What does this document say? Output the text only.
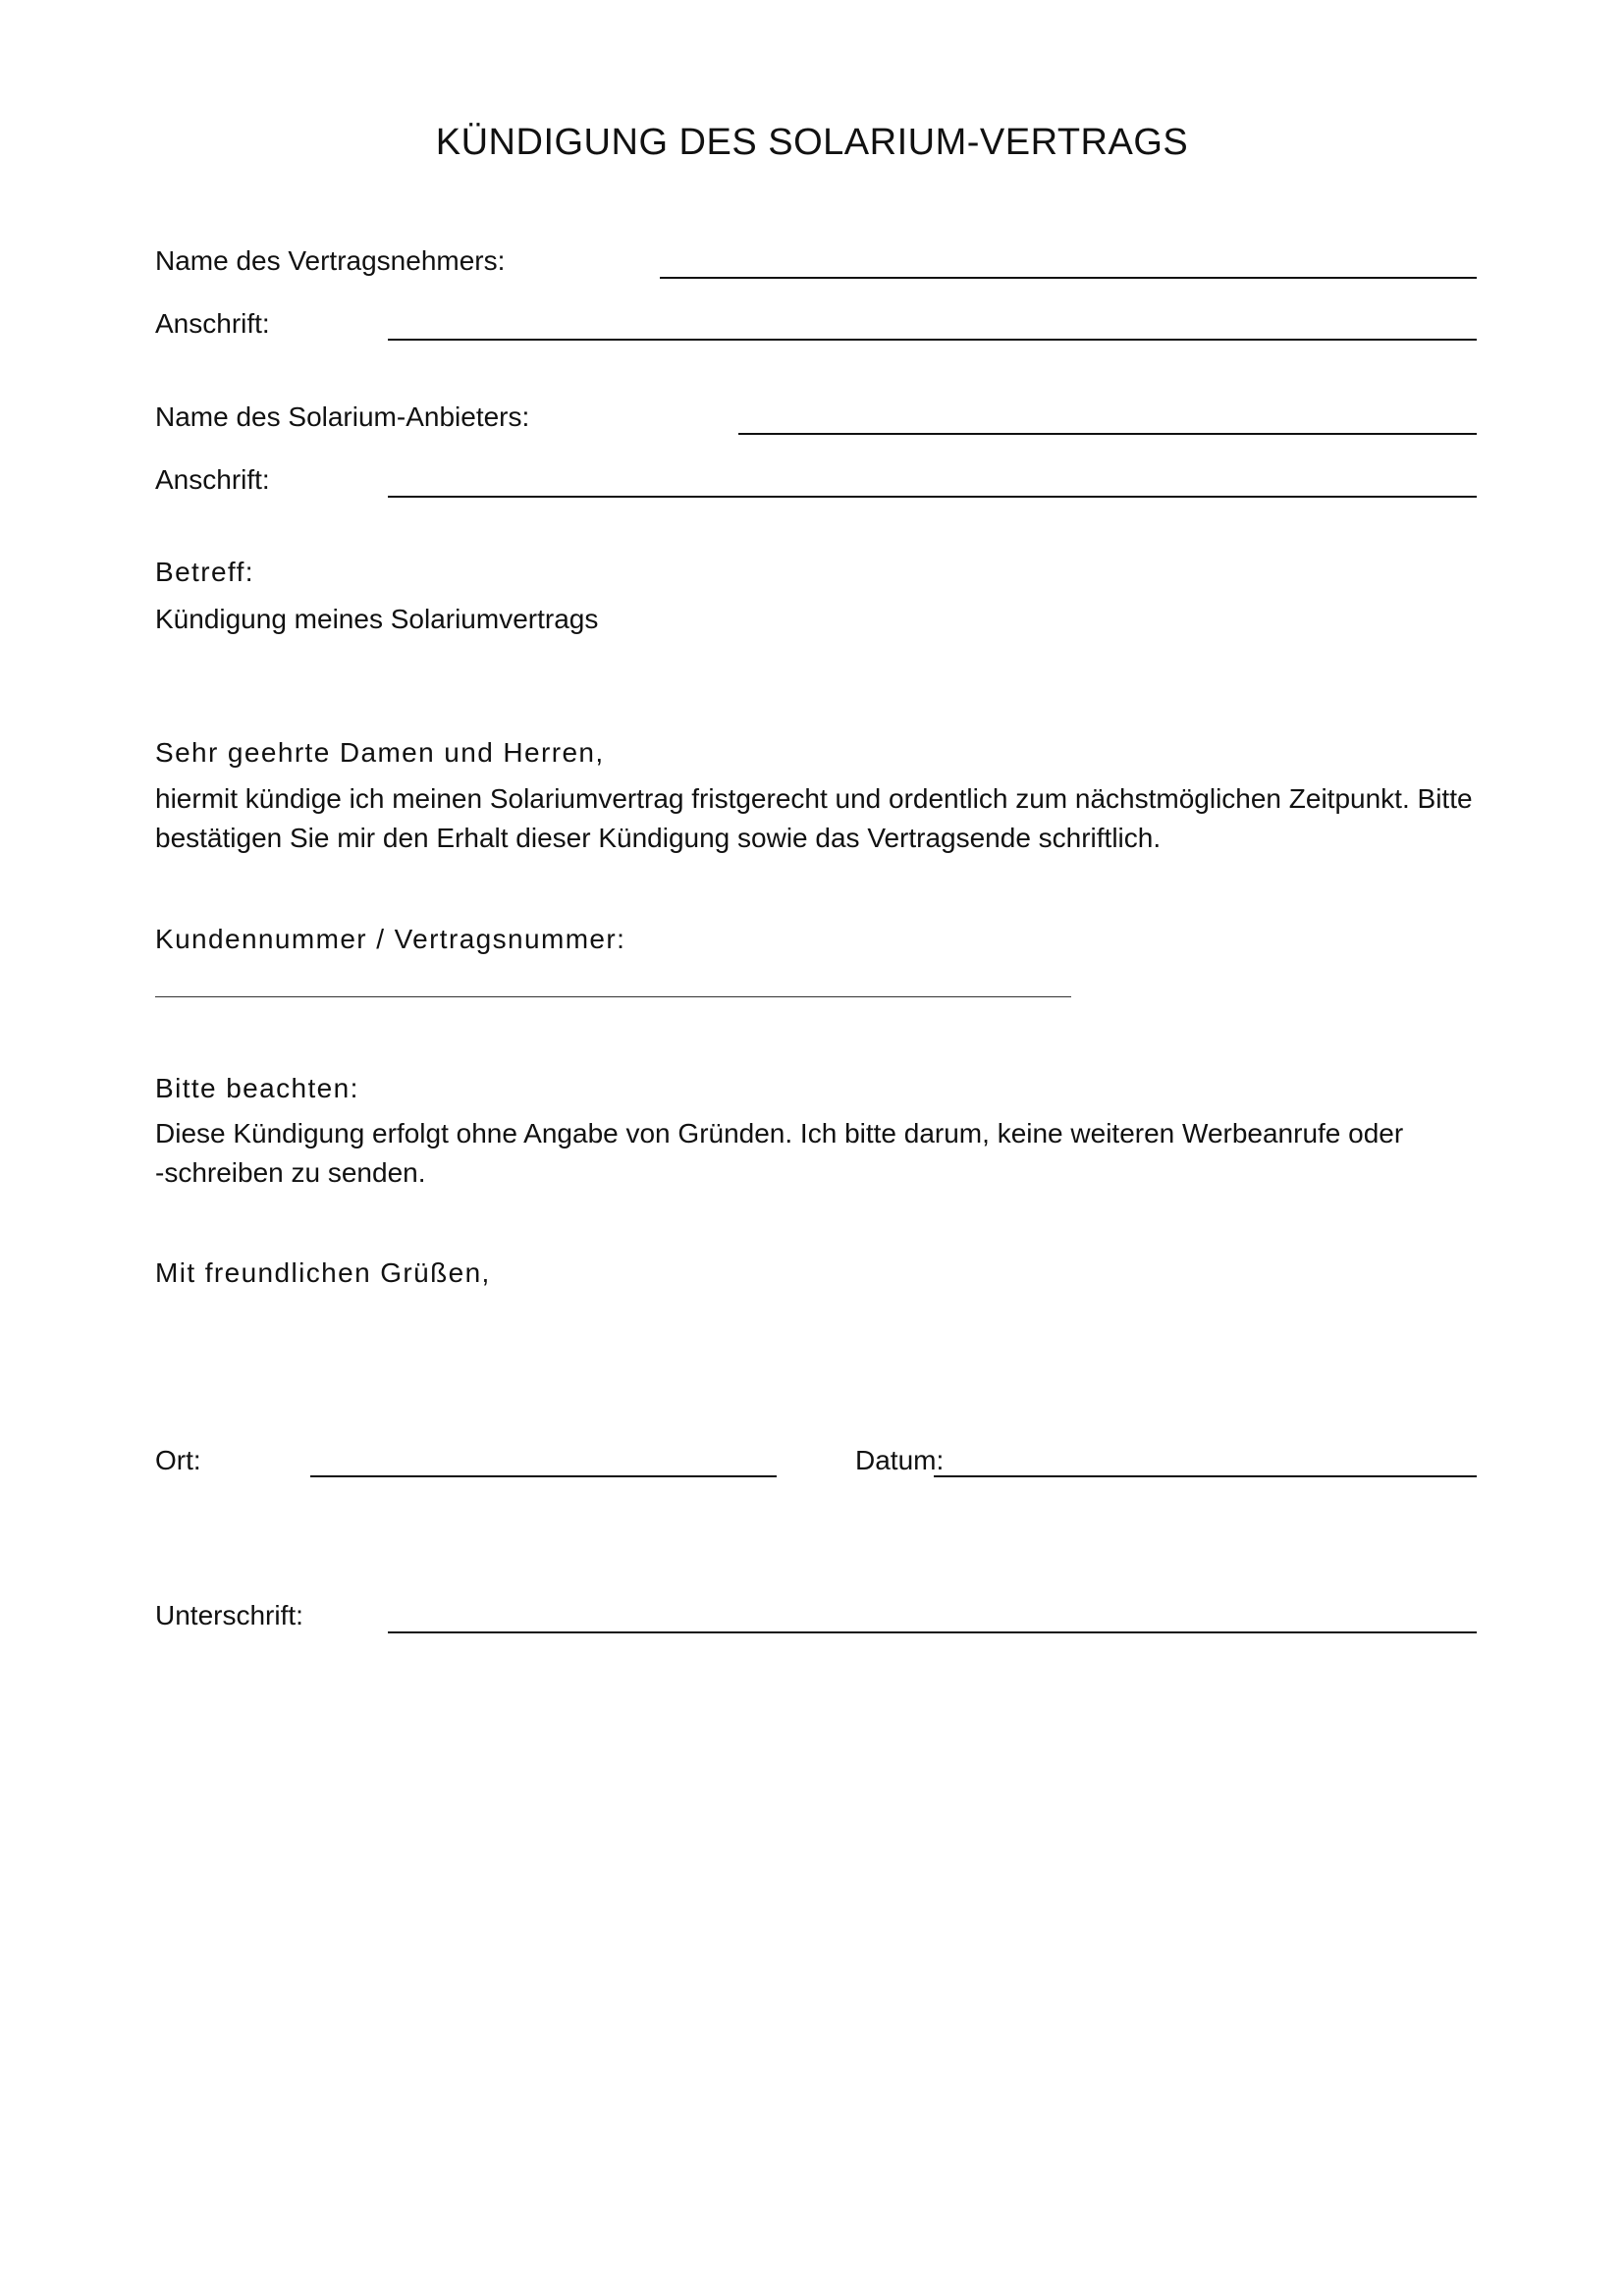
KÜNDIGUNG DES SOLARIUM-VERTRAGS
Name des Vertragsnehmers:
Anschrift:
Name des Solarium-Anbieters:
Anschrift:
Betreff:
Kündigung meines Solariumvertrags
Sehr geehrte Damen und Herren,
hiermit kündige ich meinen Solariumvertrag fristgerecht und ordentlich zum nächstmöglichen Zeitpunkt. Bitte
bestätigen Sie mir den Erhalt dieser Kündigung sowie das Vertragsende schriftlich.
Kundennummer / Vertragsnummer:
Bitte beachten:
Diese Kündigung erfolgt ohne Angabe von Gründen. Ich bitte darum, keine weiteren Werbeanrufe oder
-schreiben zu senden.
Mit freundlichen Grüßen,
Ort:	Datum:
Unterschrift:
